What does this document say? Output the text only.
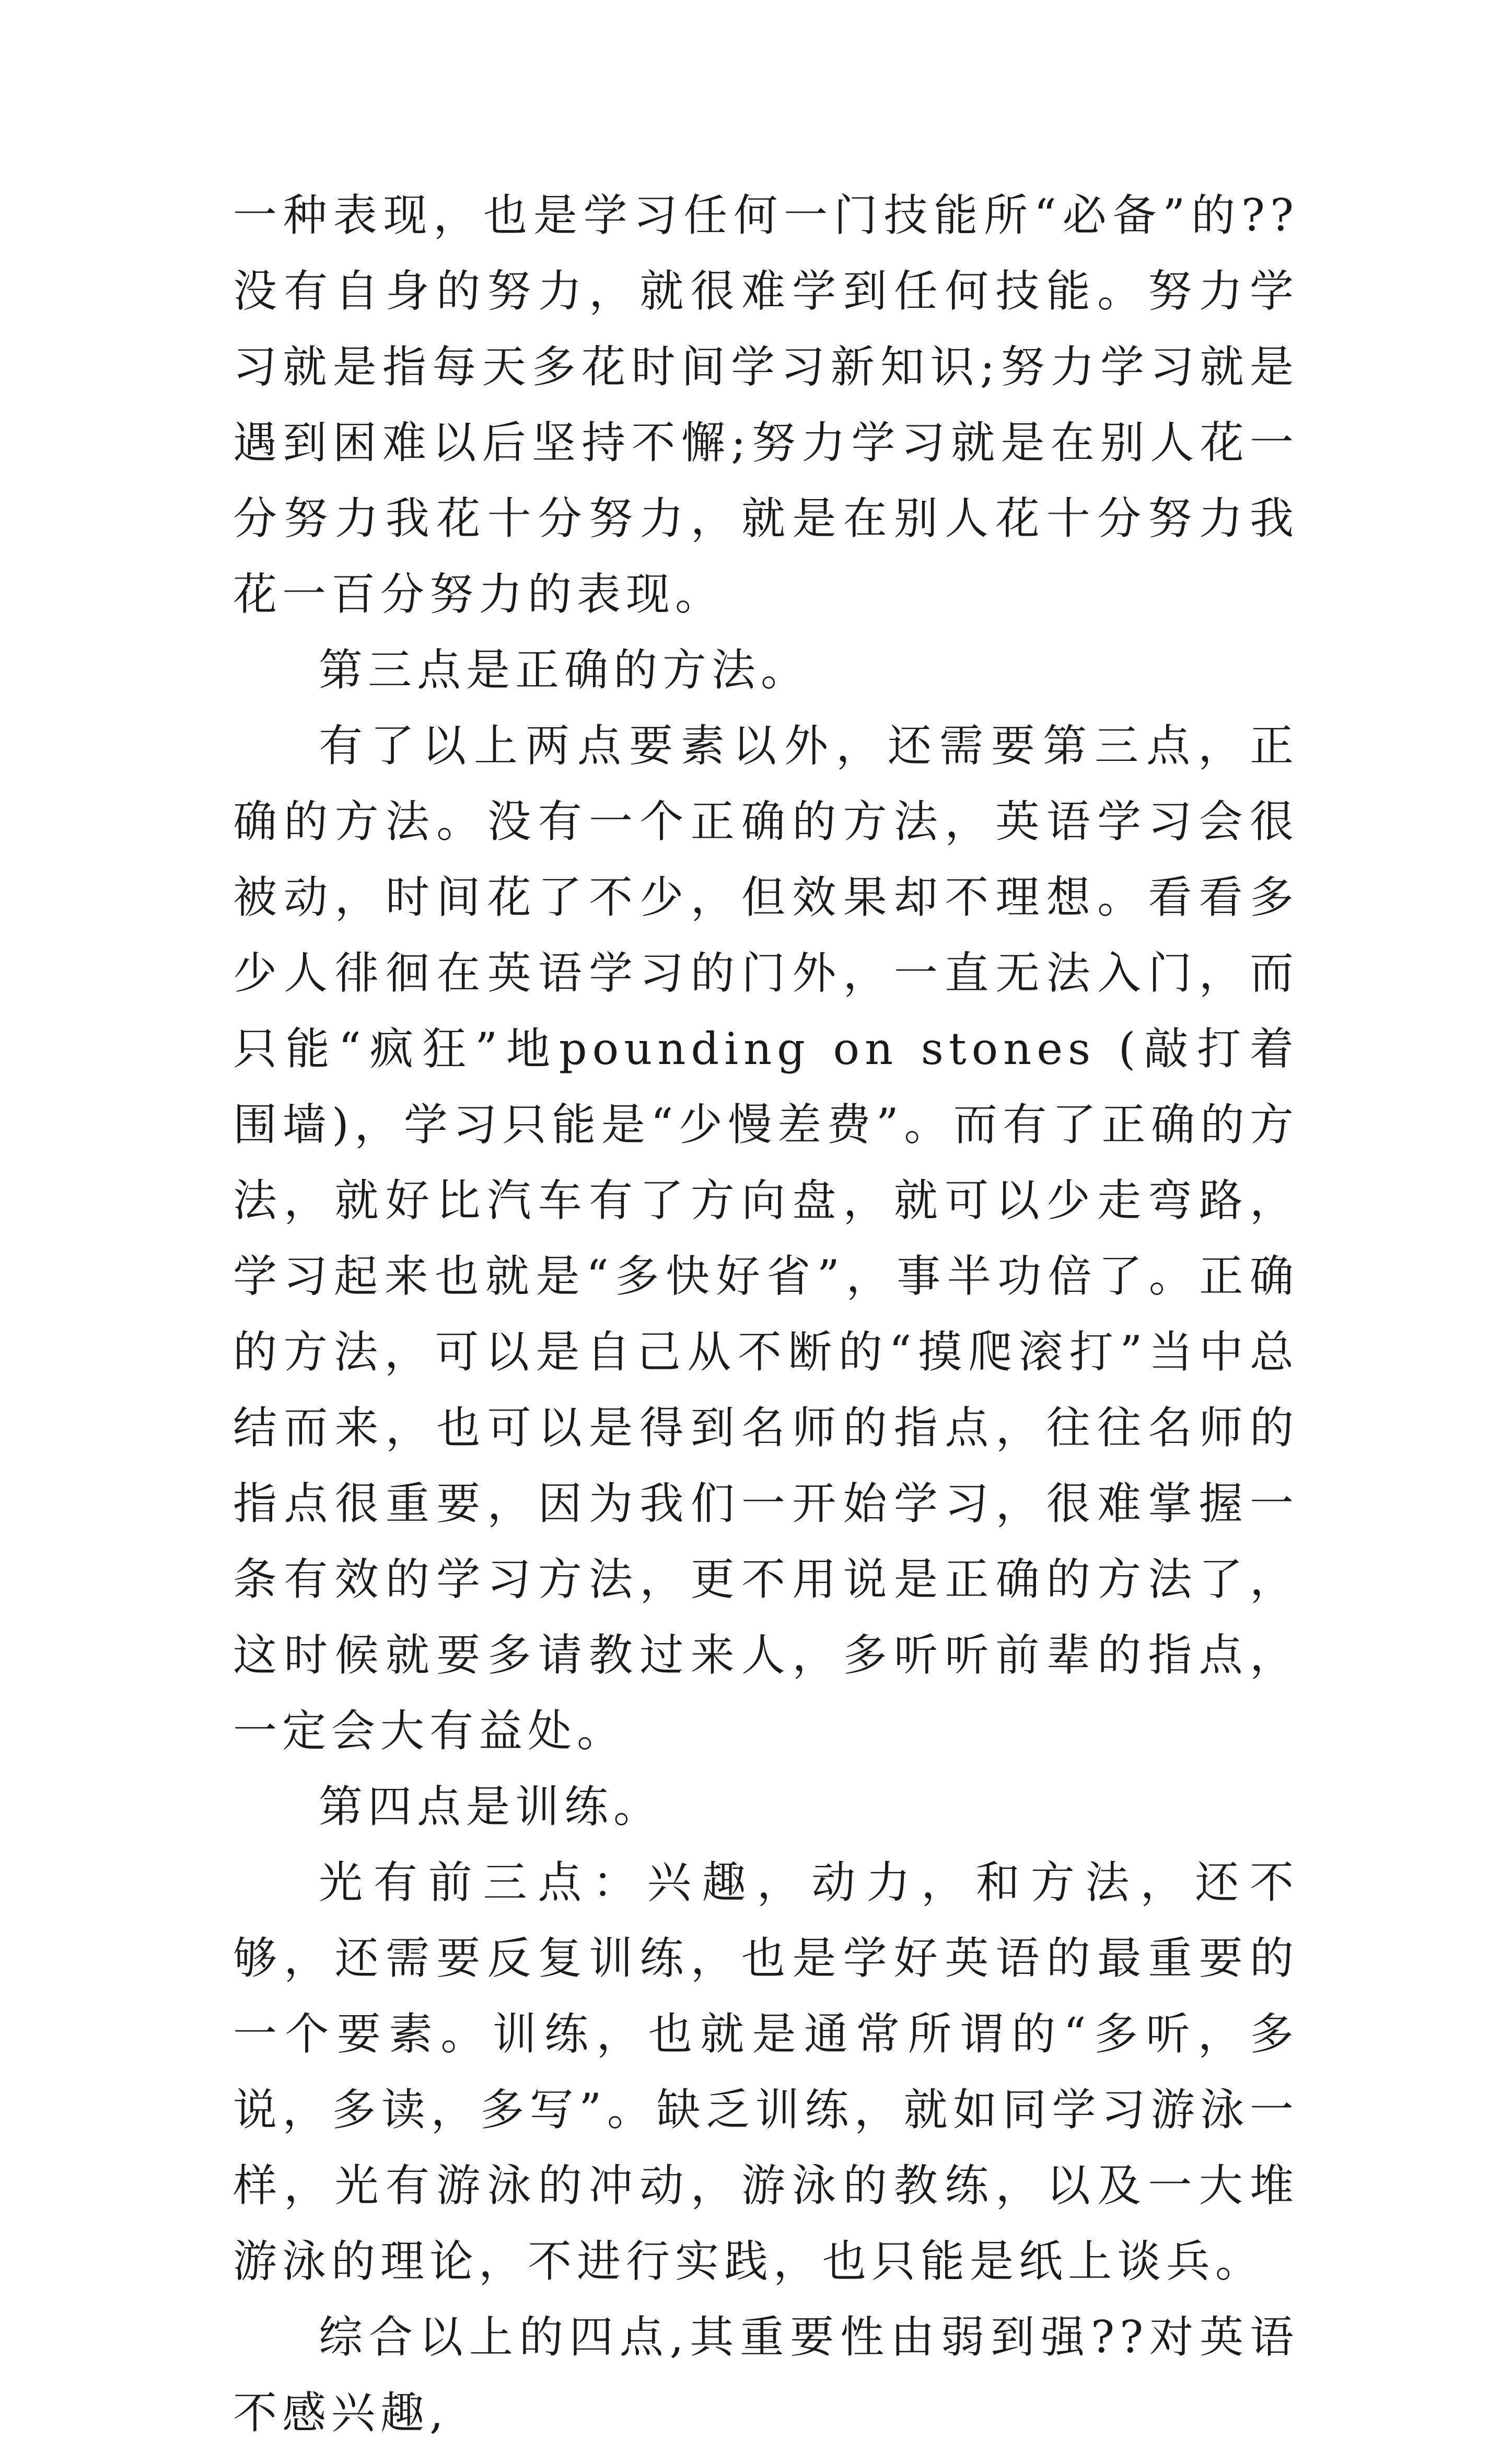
一种表现，也是学习任何一门技能所“必备”的??没有自身的努力，就很难学到任何技能。努力学习就是指每天多花时间学习新知识;努力学习就是遇到困难以后坚持不懈;努力学习就是在别人花一分努力我花十分努力，就是在别人花十分努力我花一百分努力的表现。

第三点是正确的方法。

有了以上两点要素以外，还需要第三点，正确的方法。没有一个正确的方法，英语学习会很被动，时间花了不少，但效果却不理想。看看多少人徘徊在英语学习的门外，一直无法入门，而只能“疯狂”地pounding on stones (敲打着围墙)，学习只能是“少慢差费”。而有了正确的方法，就好比汽车有了方向盘，就可以少走弯路，学习起来也就是“多快好省”，事半功倍了。正确的方法，可以是自己从不断的“摸爬滚打”当中总结而来，也可以是得到名师的指点，往往名师的指点很重要，因为我们一开始学习，很难掌握一条有效的学习方法，更不用说是正确的方法了，这时候就要多请教过来人，多听听前辈的指点，一定会大有益处。

第四点是训练。

光有前三点：兴趣，动力，和方法，还不够，还需要反复训练，也是学好英语的最重要的一个要素。训练，也就是通常所谓的“多听，多说，多读，多写”。缺乏训练，就如同学习游泳一样，光有游泳的冲动，游泳的教练，以及一大堆游泳的理论，不进行实践，也只能是纸上谈兵。

综合以上的四点,其重要性由弱到强??对英语不感兴趣,
